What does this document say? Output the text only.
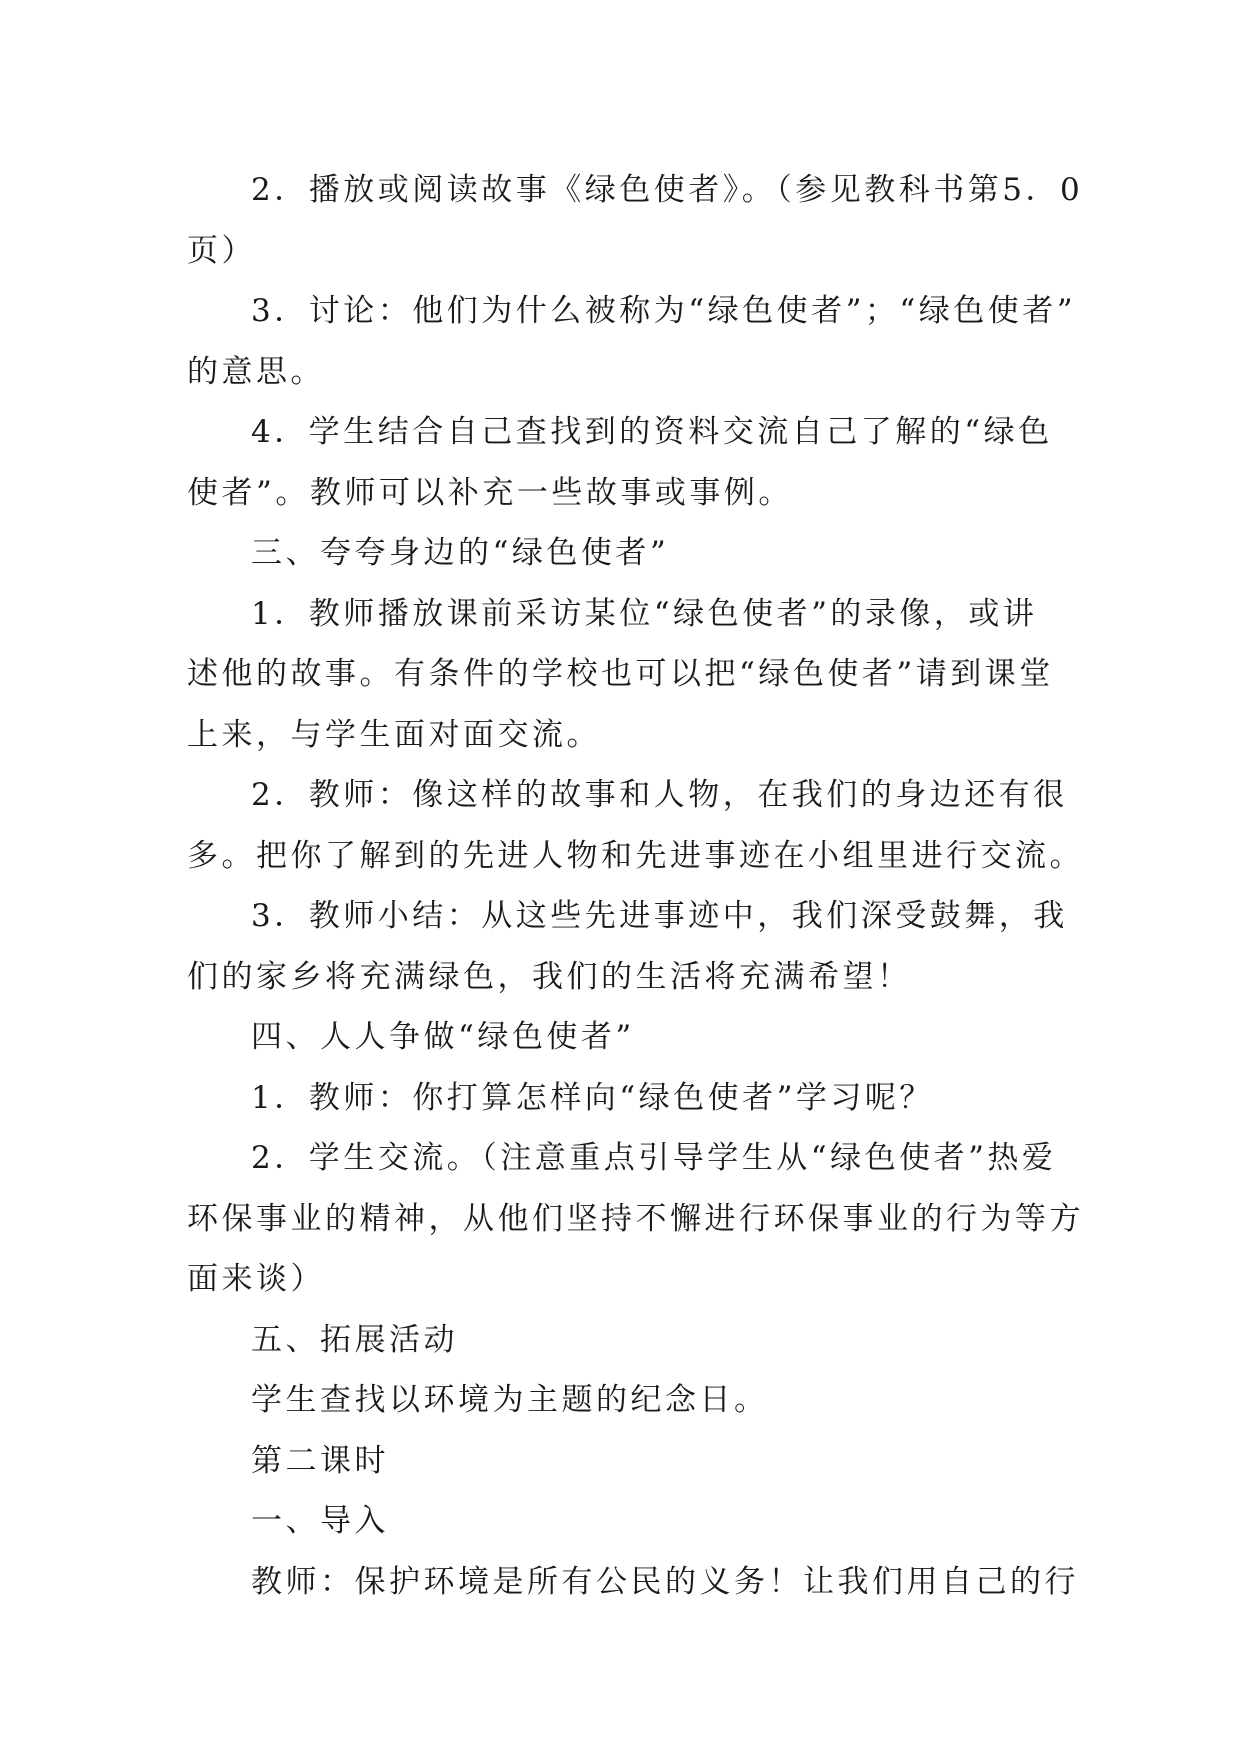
2．播放或阅读故事《绿色使者》。（参见教科书第5．0

页）

3．讨论：他们为什么被称为“绿色使者”；“绿色使者”

的意思。

4．学生结合自己查找到的资料交流自己了解的“绿色

使者”。教师可以补充一些故事或事例。

三、夸夸身边的“绿色使者”

1．教师播放课前采访某位“绿色使者”的录像，或讲

述他的故事。有条件的学校也可以把“绿色使者”请到课堂

上来，与学生面对面交流。

2．教师：像这样的故事和人物，在我们的身边还有很

多。把你了解到的先进人物和先进事迹在小组里进行交流。

3．教师小结：从这些先进事迹中，我们深受鼓舞，我

们的家乡将充满绿色，我们的生活将充满希望！

四、人人争做“绿色使者”

1．教师：你打算怎样向“绿色使者”学习呢？

2．学生交流。（注意重点引导学生从“绿色使者”热爱

环保事业的精神，从他们坚持不懈进行环保事业的行为等方

面来谈）

五、拓展活动

学生查找以环境为主题的纪念日。

第二课时

一、导入

教师：保护环境是所有公民的义务！让我们用自己的行
